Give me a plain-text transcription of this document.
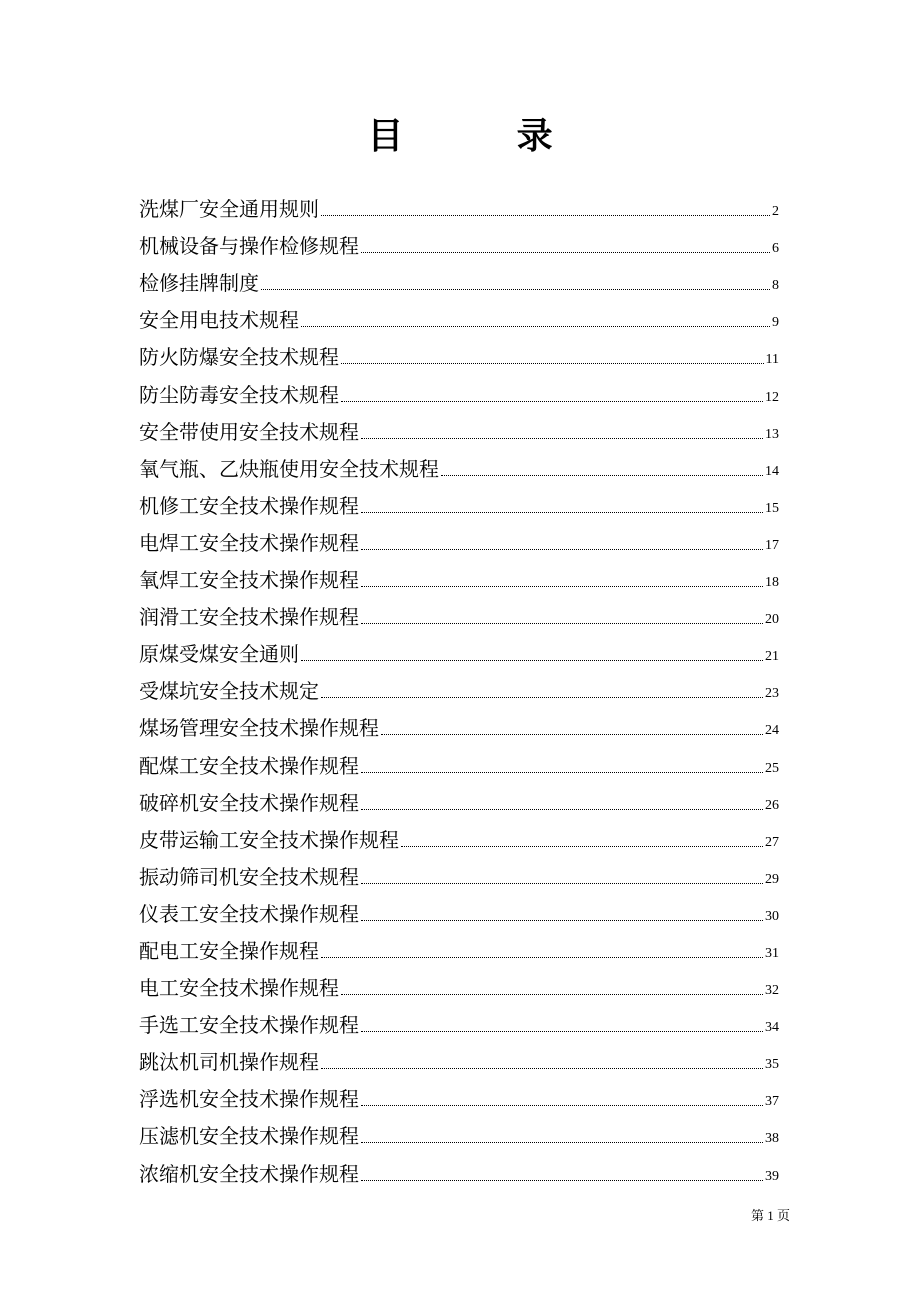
目 录
洗煤厂安全通用规则	2
机械设备与操作检修规程	6
检修挂牌制度	8
安全用电技术规程	9
防火防爆安全技术规程	11
防尘防毒安全技术规程	12
安全带使用安全技术规程	13
氧气瓶、乙炔瓶使用安全技术规程	14
机修工安全技术操作规程	15
电焊工安全技术操作规程	17
氧焊工安全技术操作规程	18
润滑工安全技术操作规程	20
原煤受煤安全通则	21
受煤坑安全技术规定	23
煤场管理安全技术操作规程	24
配煤工安全技术操作规程	25
破碎机安全技术操作规程	26
皮带运输工安全技术操作规程	27
振动筛司机安全技术规程	29
仪表工安全技术操作规程	30
配电工安全操作规程	31
电工安全技术操作规程	32
手选工安全技术操作规程	34
跳汰机司机操作规程	35
浮选机安全技术操作规程	37
压滤机安全技术操作规程	38
浓缩机安全技术操作规程	39
第 1 页
